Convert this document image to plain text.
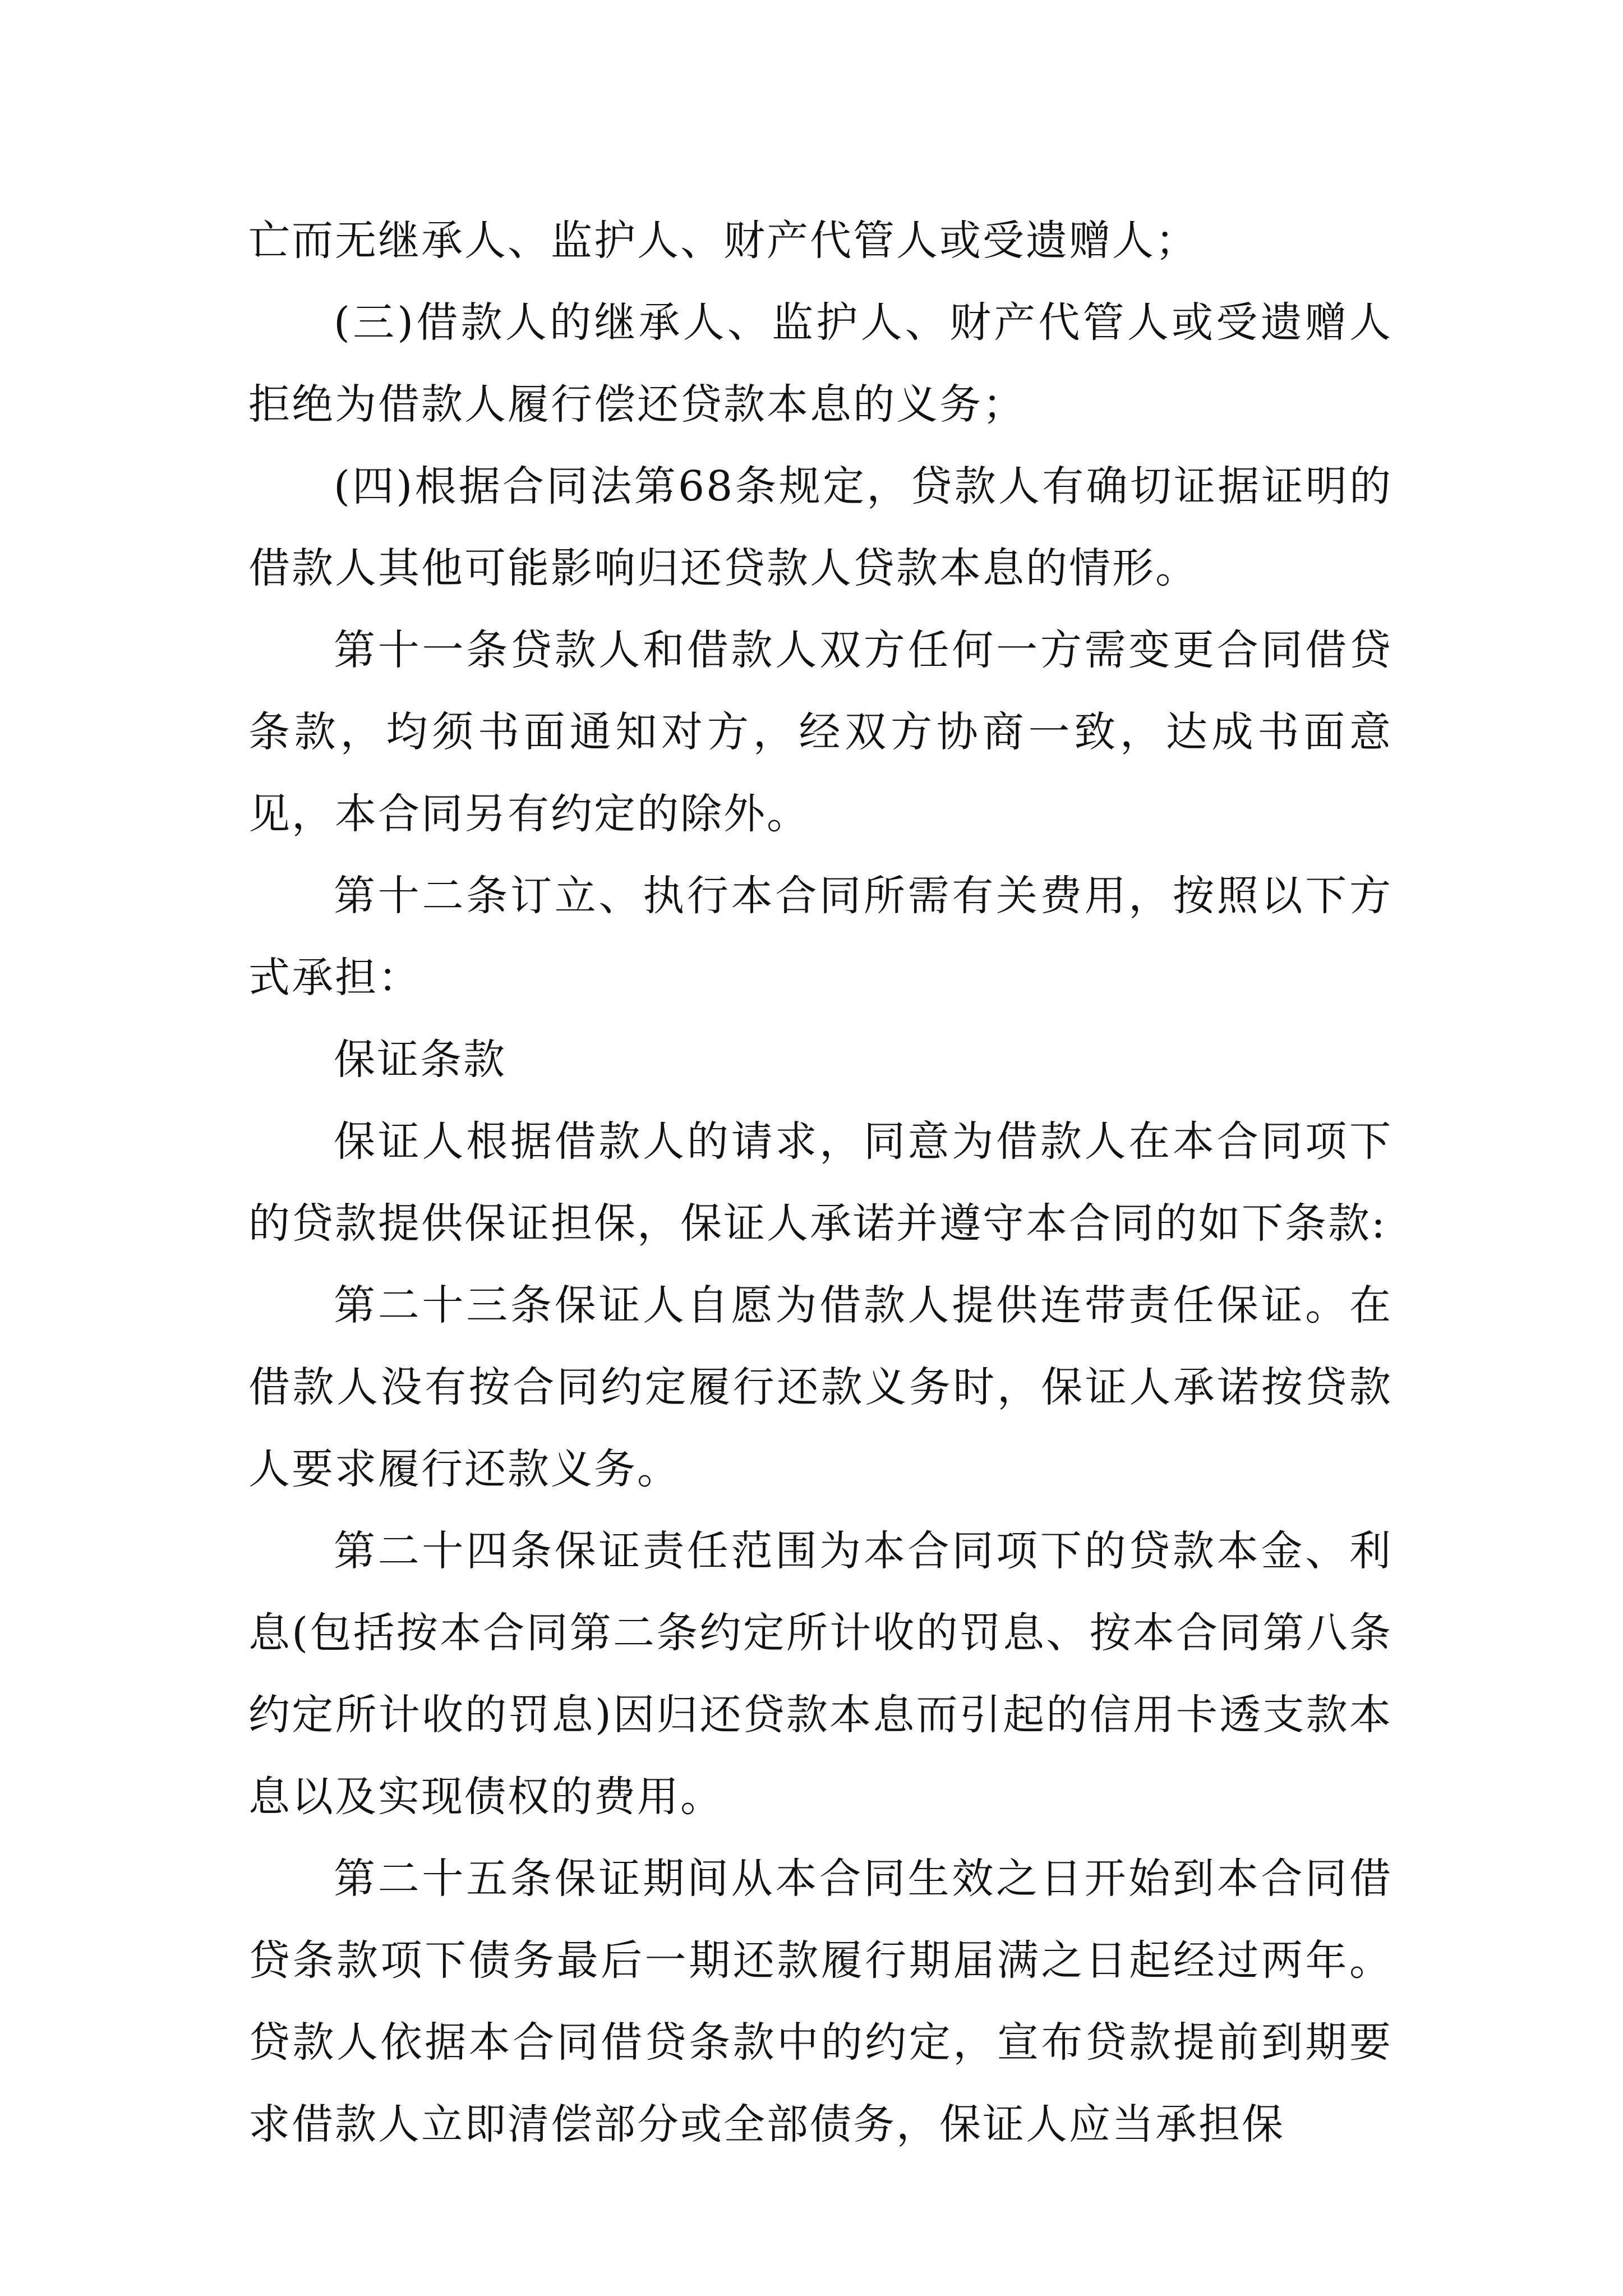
亡而无继承人、监护人、财产代管人或受遗赠人；

(三)借款人的继承人、监护人、财产代管人或受遗赠人拒绝为借款人履行偿还贷款本息的义务；

(四)根据合同法第68条规定，贷款人有确切证据证明的借款人其他可能影响归还贷款人贷款本息的情形。

第十一条贷款人和借款人双方任何一方需变更合同借贷条款，均须书面通知对方，经双方协商一致，达成书面意见，本合同另有约定的除外。

第十二条订立、执行本合同所需有关费用，按照以下方式承担：

保证条款

保证人根据借款人的请求，同意为借款人在本合同项下的贷款提供保证担保，保证人承诺并遵守本合同的如下条款:

第二十三条保证人自愿为借款人提供连带责任保证。在借款人没有按合同约定履行还款义务时，保证人承诺按贷款人要求履行还款义务。

第二十四条保证责任范围为本合同项下的贷款本金、利息(包括按本合同第二条约定所计收的罚息、按本合同第八条约定所计收的罚息)因归还贷款本息而引起的信用卡透支款本息以及实现债权的费用。

第二十五条保证期间从本合同生效之日开始到本合同借贷条款项下债务最后一期还款履行期届满之日起经过两年。贷款人依据本合同借贷条款中的约定，宣布贷款提前到期要求借款人立即清偿部分或全部债务，保证人应当承担保
